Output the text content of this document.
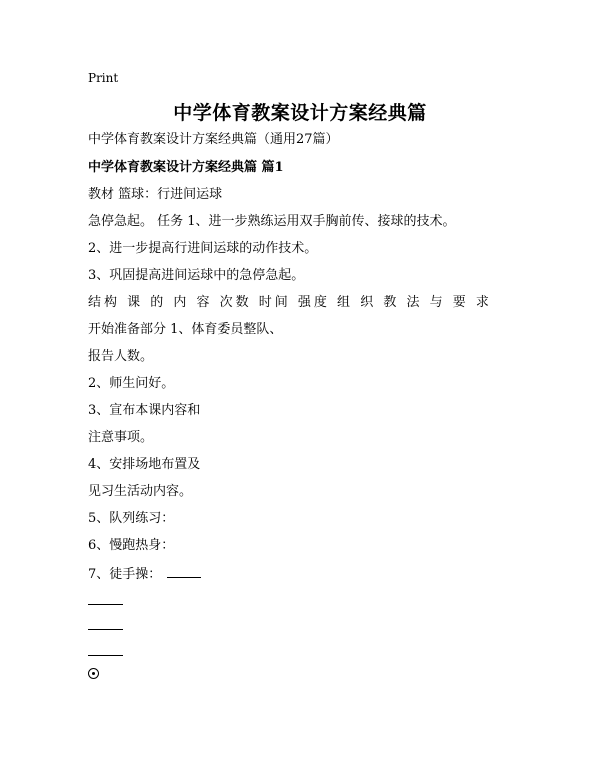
Print
中学体育教案设计方案经典篇
中学体育教案设计方案经典篇（通用27篇）
中学体育教案设计方案经典篇 篇1
教材 篮球：行进间运球
急停急起。 任务 1、进一步熟练运用双手胸前传、接球的技术。
2、进一步提高行进间运球的动作技术。
3、巩固提高进间运球中的急停急起。
结构 课 的 内 容 次数 时间 强度 组 织 教 法 与 要 求
开始准备部分 1、体育委员整队、
报告人数。
2、师生问好。
3、宣布本课内容和
注意事项。
4、安排场地布置及
见习生活动内容。
5、队列练习：
6、慢跑热身：
7、徒手操：
